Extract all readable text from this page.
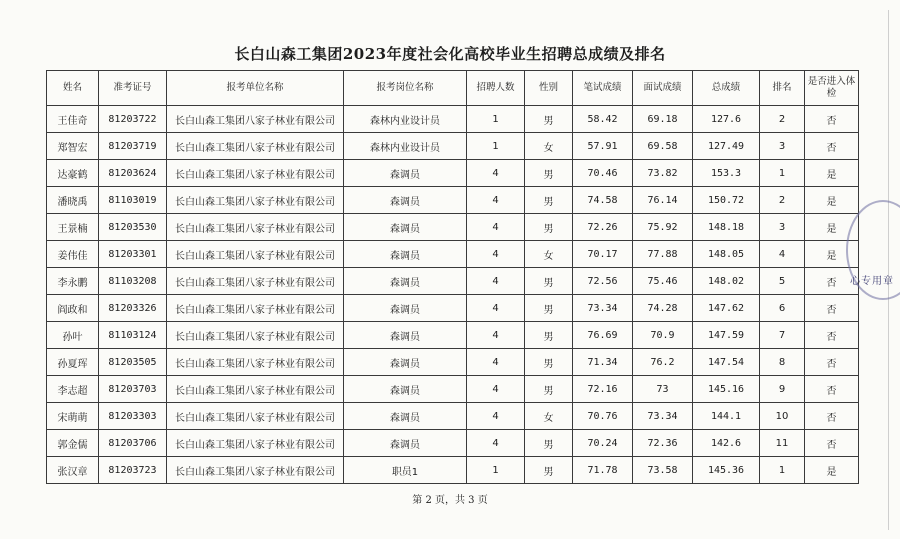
长白山森工集团2023年度社会化高校毕业生招聘总成绩及排名
姓名	准考证号	报考单位名称	报考岗位名称	招聘人数	性别	笔试成绩	面试成绩	总成绩	排名	是否进入体检
王佳奇	81203722	长白山森工集团八家子林业有限公司	森林内业设计员	1	男	58.42	69.18	127.6	2	否
郑智宏	81203719	长白山森工集团八家子林业有限公司	森林内业设计员	1	女	57.91	69.58	127.49	3	否
达豪鹤	81203624	长白山森工集团八家子林业有限公司	森调员	4	男	70.46	73.82	153.3	1	是
潘晓禹	81103019	长白山森工集团八家子林业有限公司	森调员	4	男	74.58	76.14	150.72	2	是
王景楠	81203530	长白山森工集团八家子林业有限公司	森调员	4	男	72.26	75.92	148.18	3	是
姜伟佳	81203301	长白山森工集团八家子林业有限公司	森调员	4	女	70.17	77.88	148.05	4	是
李永鹏	81103208	长白山森工集团八家子林业有限公司	森调员	4	男	72.56	75.46	148.02	5	否
阎政和	81203326	长白山森工集团八家子林业有限公司	森调员	4	男	73.34	74.28	147.62	6	否
孙叶	81103124	长白山森工集团八家子林业有限公司	森调员	4	男	76.69	70.9	147.59	7	否
孙夏珲	81203505	长白山森工集团八家子林业有限公司	森调员	4	男	71.34	76.2	147.54	8	否
李志超	81203703	长白山森工集团八家子林业有限公司	森调员	4	男	72.16	73	145.16	9	否
宋萌萌	81203303	长白山森工集团八家子林业有限公司	森调员	4	女	70.76	73.34	144.1	10	否
郭金儒	81203706	长白山森工集团八家子林业有限公司	森调员	4	男	70.24	72.36	142.6	11	否
张汉章	81203723	长白山森工集团八家子林业有限公司	职员1	1	男	71.78	73.58	145.36	1	是
第 2 页，共 3 页
心专用章
